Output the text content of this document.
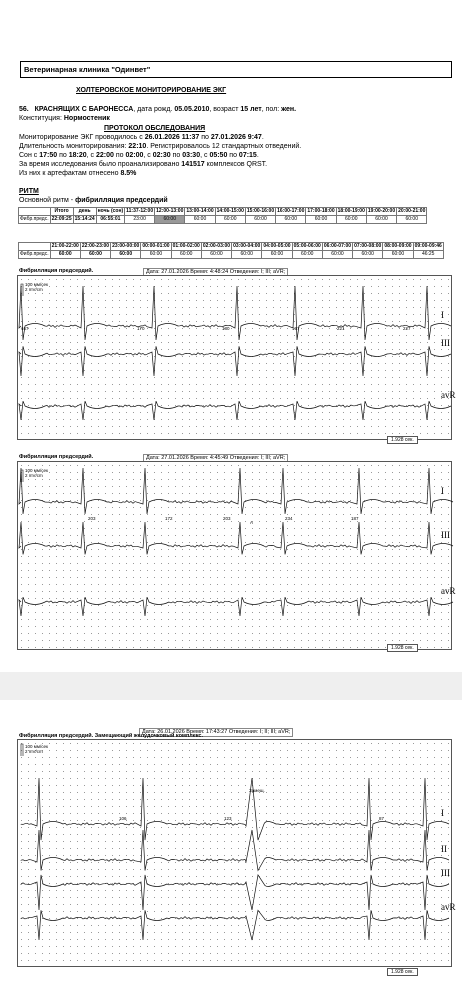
Ветеринарная клиника "Одинвет"
ХОЛТЕРОВСКОЕ МОНИТОРИРОВАНИЕ ЭКГ
56. КРАСНЯЩИХ С БАРОНЕССА, дата рожд. 05.05.2010, возраст 15 лет, пол: жен.
Конституция: Нормостеник
ПРОТОКОЛ ОБСЛЕДОВАНИЯ
Мониторирование ЭКГ проводилось с 26.01.2026 11:37 по 27.01.2026 9:47.
Длительность мониторирования: 22:10. Регистрировалось 12 стандартных отведений.
Сон с 17:50 по 18:20, с 22:00 по 02:00, с 02:30 по 03:30, с 05:50 по 07:15.
За время исследования было проанализировано 141517 комплексов QRST.
Из них к артефактам отнесено 8.5%
РИТМ
Основной ритм - фибрилляция предсердий
	Итого	день	ночь (сон)	11:37-12:00	12:00-13:00	13:00-14:00	14:00-15:00	15:00-16:00	16:00-17:00	17:00-18:00	18:00-19:00	19:00-20:00	20:00-21:00
Фибр.предс.	22:09:25	15:14:24	06:55:01	23:00	60:00	60:00	60:00	60:00	60:00	60:00	60:00	60:00	60:00
	21:00-22:00	22:00-23:00	23:00-00:00	00:00-01:00	01:00-02:00	02:00-03:00	03:00-04:00	04:00-05:00	05:00-06:00	06:00-07:00	07:00-08:00	08:00-09:00	09:00-09:46
Фибр.предс.	60:00	60:00	60:00	60:00	60:00	60:00	60:00	60:00	60:00	60:00	60:00	60:00	46:25
Фибрилляция предсердий.	Дата: 27.01.2026 Время: 4:48:24 Отведения: I; III; aVR;
100 мм/сек
2 mV/cm
I
III
avR
167	170	180	197	221	227
1.928 сек.
Фибрилляция предсердий.	Дата: 27.01.2026 Время: 4:45:49 Отведения: I; III; aVR;
100 мм/сек
2 mV/cm
I
III
avR
203	172	203	234	187
A
1.928 сек.
Дата: 26.01.2026 Время: 17:43:27 Отведения: I; II; III; aVR;
Фибрилляция предсердий. Замещающий желудочковый комплекс.
100 мм/сек
2 mV/cm
I
II
III
avR
106	123	87
Замещ.
1.928 сек.
